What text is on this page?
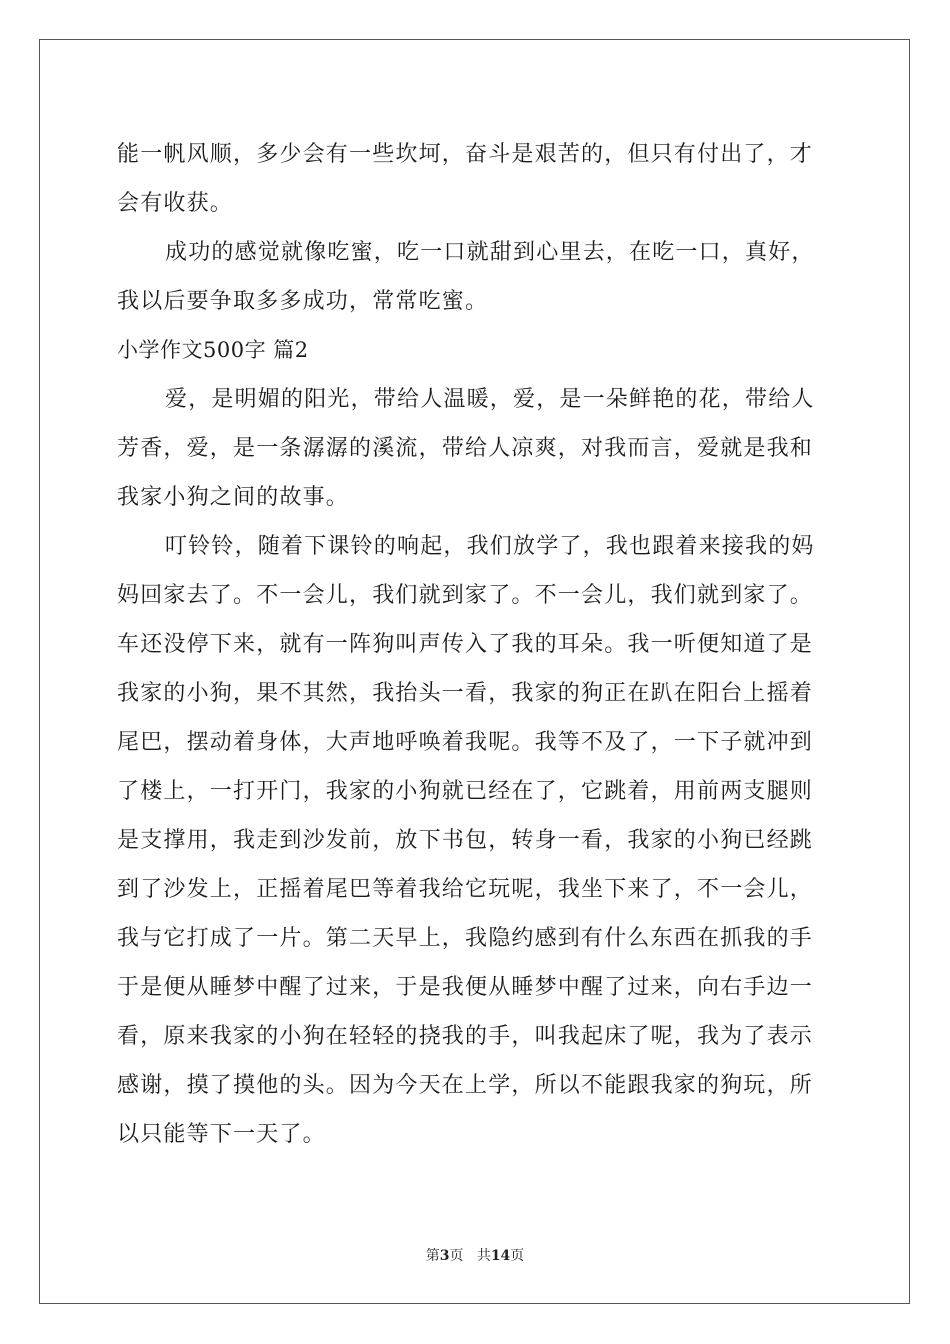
能一帆风顺，多少会有一些坎坷，奋斗是艰苦的，但只有付出了，才
会有收获。
成功的感觉就像吃蜜，吃一口就甜到心里去，在吃一口，真好，
我以后要争取多多成功，常常吃蜜。
小学作文500字 篇2
爱，是明媚的阳光，带给人温暖，爱，是一朵鲜艳的花，带给人
芳香，爱，是一条潺潺的溪流，带给人凉爽，对我而言，爱就是我和
我家小狗之间的故事。
叮铃铃，随着下课铃的响起，我们放学了，我也跟着来接我的妈
妈回家去了。不一会儿，我们就到家了。不一会儿，我们就到家了。
车还没停下来，就有一阵狗叫声传入了我的耳朵。我一听便知道了是
我家的小狗，果不其然，我抬头一看，我家的狗正在趴在阳台上摇着
尾巴，摆动着身体，大声地呼唤着我呢。我等不及了，一下子就冲到
了楼上，一打开门，我家的小狗就已经在了，它跳着，用前两支腿则
是支撑用，我走到沙发前，放下书包，转身一看，我家的小狗已经跳
到了沙发上，正摇着尾巴等着我给它玩呢，我坐下来了，不一会儿，
我与它打成了一片。第二天早上，我隐约感到有什么东西在抓我的手
于是便从睡梦中醒了过来，于是我便从睡梦中醒了过来，向右手边一
看，原来我家的小狗在轻轻的挠我的手，叫我起床了呢，我为了表示
感谢，摸了摸他的头。因为今天在上学，所以不能跟我家的狗玩，所
以只能等下一天了。
第3页 共14页
